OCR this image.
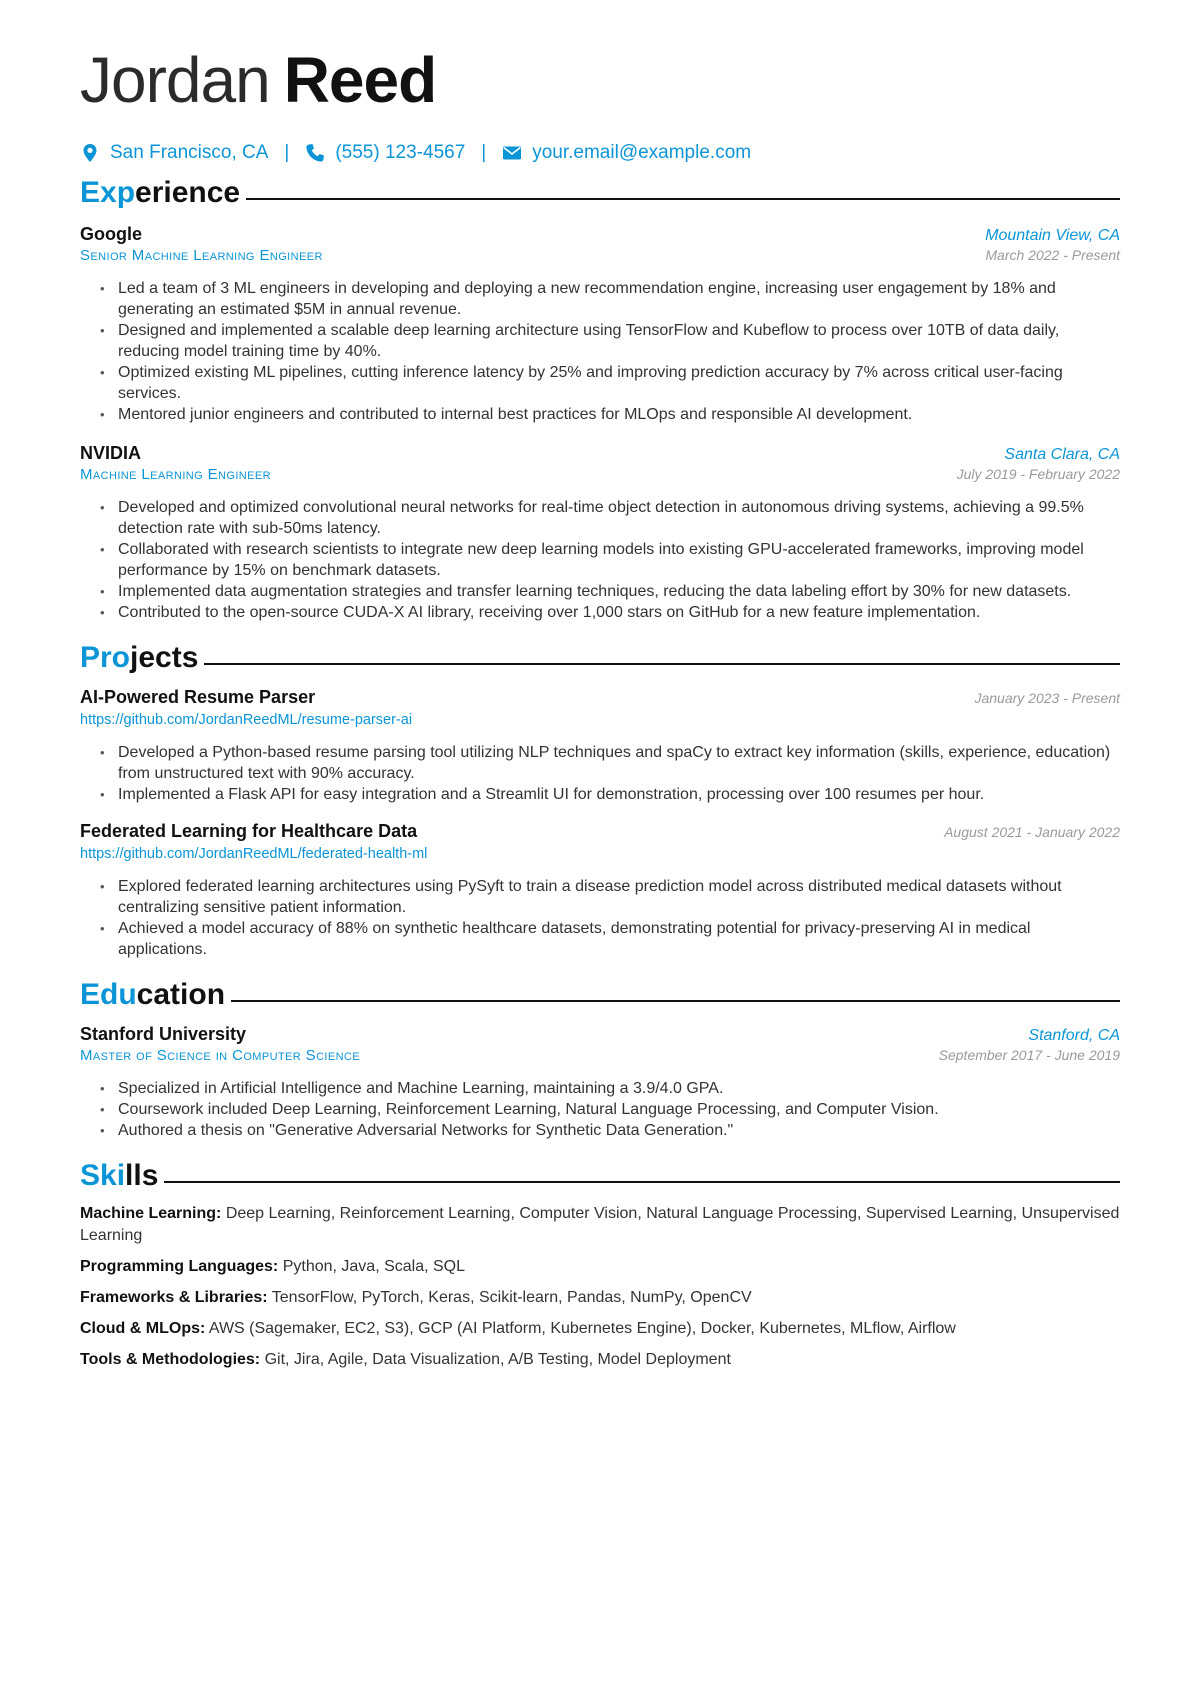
Jordan Reed
San Francisco, CA | (555) 123-4567 | your.email@example.com
Experience
Google	Mountain View, CA
Senior Machine Learning Engineer	March 2022 - Present
• Led a team of 3 ML engineers in developing and deploying a new recommendation engine, increasing user engagement by 18% and generating an estimated $5M in annual revenue.
• Designed and implemented a scalable deep learning architecture using TensorFlow and Kubeflow to process over 10TB of data daily, reducing model training time by 40%.
• Optimized existing ML pipelines, cutting inference latency by 25% and improving prediction accuracy by 7% across critical user-facing services.
• Mentored junior engineers and contributed to internal best practices for MLOps and responsible AI development.
NVIDIA	Santa Clara, CA
Machine Learning Engineer	July 2019 - February 2022
• Developed and optimized convolutional neural networks for real-time object detection in autonomous driving systems, achieving a 99.5% detection rate with sub-50ms latency.
• Collaborated with research scientists to integrate new deep learning models into existing GPU-accelerated frameworks, improving model performance by 15% on benchmark datasets.
• Implemented data augmentation strategies and transfer learning techniques, reducing the data labeling effort by 30% for new datasets.
• Contributed to the open-source CUDA-X AI library, receiving over 1,000 stars on GitHub for a new feature implementation.
Projects
AI-Powered Resume Parser	January 2023 - Present
https://github.com/JordanReedML/resume-parser-ai
• Developed a Python-based resume parsing tool utilizing NLP techniques and spaCy to extract key information (skills, experience, education) from unstructured text with 90% accuracy.
• Implemented a Flask API for easy integration and a Streamlit UI for demonstration, processing over 100 resumes per hour.
Federated Learning for Healthcare Data	August 2021 - January 2022
https://github.com/JordanReedML/federated-health-ml
• Explored federated learning architectures using PySyft to train a disease prediction model across distributed medical datasets without centralizing sensitive patient information.
• Achieved a model accuracy of 88% on synthetic healthcare datasets, demonstrating potential for privacy-preserving AI in medical applications.
Education
Stanford University	Stanford, CA
Master of Science in Computer Science	September 2017 - June 2019
• Specialized in Artificial Intelligence and Machine Learning, maintaining a 3.9/4.0 GPA.
• Coursework included Deep Learning, Reinforcement Learning, Natural Language Processing, and Computer Vision.
• Authored a thesis on "Generative Adversarial Networks for Synthetic Data Generation."
Skills
Machine Learning: Deep Learning, Reinforcement Learning, Computer Vision, Natural Language Processing, Supervised Learning, Unsupervised Learning
Programming Languages: Python, Java, Scala, SQL
Frameworks & Libraries: TensorFlow, PyTorch, Keras, Scikit-learn, Pandas, NumPy, OpenCV
Cloud & MLOps: AWS (Sagemaker, EC2, S3), GCP (AI Platform, Kubernetes Engine), Docker, Kubernetes, MLflow, Airflow
Tools & Methodologies: Git, Jira, Agile, Data Visualization, A/B Testing, Model Deployment
